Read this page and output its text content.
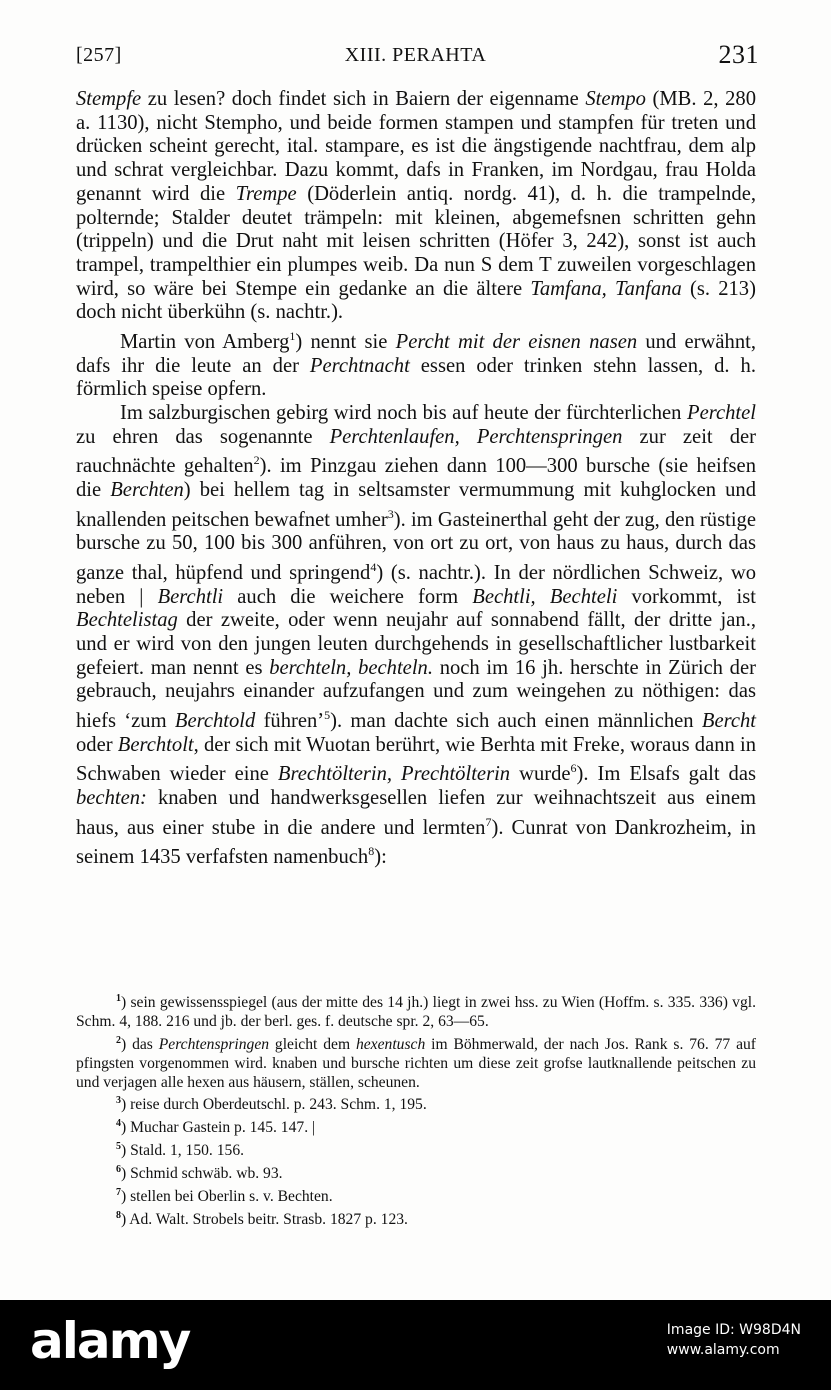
[257]	XIII. PERAHTA	231

Stempfe zu lesen? doch findet sich in Baiern der eigenname Stempo (MB. 2, 280 a. 1130), nicht Stempho, und beide formen stampen und stampfen für treten und drücken scheint gerecht, ital. stampare, es ist die ängstigende nachtfrau, dem alp und schrat vergleichbar. Dazu kommt, dafs in Franken, im Nordgau, frau Holda genannt wird die Trempe (Döderlein antiq. nordg. 41), d. h. die trampelnde, polternde; Stalder deutet trämpeln: mit kleinen, abgemefsnen schritten gehn (trippeln) und die Drut naht mit leisen schritten (Höfer 3, 242), sonst ist auch trampel, trampelthier ein plumpes weib. Da nun S dem T zuweilen vorgeschlagen wird, so wäre bei Stempe ein gedanke an die ältere Tamfana, Tanfana (s. 213) doch nicht überkühn (s. nachtr.).

Martin von Amberg$^1$) nennt sie Percht mit der eisnen nasen und erwähnt, dafs ihr die leute an der Perchtnacht essen oder trinken stehn lassen, d. h. förmlich speise opfern.

Im salzburgischen gebirg wird noch bis auf heute der fürchterlichen Perchtel zu ehren das sogenannte Perchtenlaufen, Perchtenspringen zur zeit der rauchnächte gehalten$^2$). im Pinzgau ziehen dann 100—300 bursche (sie heifsen die Berchten) bei hellem tag in seltsamster vermummung mit kuhglocken und knallenden peitschen bewafnet umher$^3$). im Gasteinerthal geht der zug, den rüstige bursche zu 50, 100 bis 300 anführen, von ort zu ort, von haus zu haus, durch das ganze thal, hüpfend und springend$^4$) (s. nachtr.). In der nördlichen Schweiz, wo neben | Berchtli auch die weichere form Bechtli, Bechteli vorkommt, ist Bechtelistag der zweite, oder wenn neujahr auf sonnabend fällt, der dritte jan., und er wird von den jungen leuten durchgehends in gesellschaftlicher lustbarkeit gefeiert. man nennt es berchteln, bechteln. noch im 16 jh. herschte in Zürich der gebrauch, neujahrs einander aufzufangen und zum weingehen zu nöthigen: das hiefs ‘zum Berchtold führen’$^5$). man dachte sich auch einen männlichen Bercht oder Berchtolt, der sich mit Wuotan berührt, wie Berhta mit Freke, woraus dann in Schwaben wieder eine Brechtölterin, Prechtölterin wurde$^6$). Im Elsafs galt das bechten: knaben und handwerksgesellen liefen zur weihnachtszeit aus einem haus, aus einer stube in die andere und lermten$^7$). Cunrat von Dankrozheim, in seinem 1435 verfafsten namenbuch$^8$):

$^1$) sein gewissensspiegel (aus der mitte des 14 jh.) liegt in zwei hss. zu Wien (Hoffm. s. 335. 336) vgl. Schm. 4, 188. 216 und jb. der berl. ges. f. deutsche spr. 2, 63—65.

$^2$) das Perchtenspringen gleicht dem hexentusch im Böhmerwald, der nach Jos. Rank s. 76. 77 auf pfingsten vorgenommen wird. knaben und bursche richten um diese zeit grofse lautknallende peitschen zu und verjagen alle hexen aus häusern, ställen, scheunen.

$^3$) reise durch Oberdeutschl. p. 243. Schm. 1, 195.

$^4$) Muchar Gastein p. 145. 147. |

$^5$) Stald. 1, 150. 156.

$^6$) Schmid schwäb. wb. 93.

$^7$) stellen bei Oberlin s. v. Bechten.

$^8$) Ad. Walt. Strobels beitr. Strasb. 1827 p. 123.

alamy	Image ID: W98D4N
www.alamy.com
